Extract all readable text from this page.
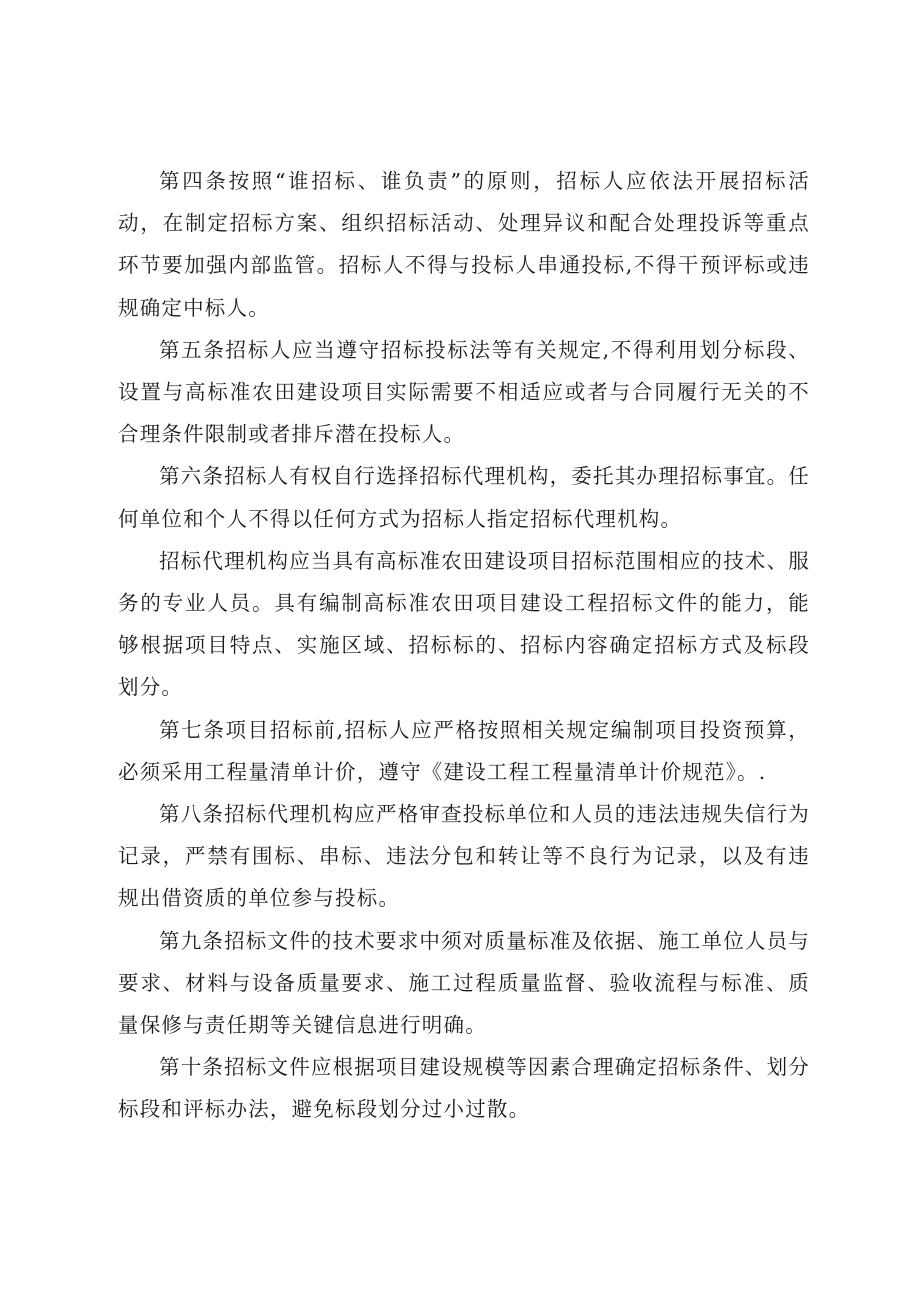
第四条按照“谁招标、谁负责”的原则，招标人应依法开展招标活动，在制定招标方案、组织招标活动、处理异议和配合处理投诉等重点环节要加强内部监管。招标人不得与投标人串通投标,不得干预评标或违规确定中标人。

第五条招标人应当遵守招标投标法等有关规定,不得利用划分标段、设置与高标准农田建设项目实际需要不相适应或者与合同履行无关的不合理条件限制或者排斥潜在投标人。

第六条招标人有权自行选择招标代理机构，委托其办理招标事宜。任何单位和个人不得以任何方式为招标人指定招标代理机构。

招标代理机构应当具有高标准农田建设项目招标范围相应的技术、服务的专业人员。具有编制高标准农田项目建设工程招标文件的能力，能够根据项目特点、实施区域、招标标的、招标内容确定招标方式及标段划分。

第七条项目招标前,招标人应严格按照相关规定编制项目投资预算，必须采用工程量清单计价，遵守《建设工程工程量清单计价规范》。.

第八条招标代理机构应严格审查投标单位和人员的违法违规失信行为记录，严禁有围标、串标、违法分包和转让等不良行为记录，以及有违规出借资质的单位参与投标。

第九条招标文件的技术要求中须对质量标准及依据、施工单位人员与要求、材料与设备质量要求、施工过程质量监督、验收流程与标准、质量保修与责任期等关键信息进行明确。

第十条招标文件应根据项目建设规模等因素合理确定招标条件、划分标段和评标办法，避免标段划分过小过散。
